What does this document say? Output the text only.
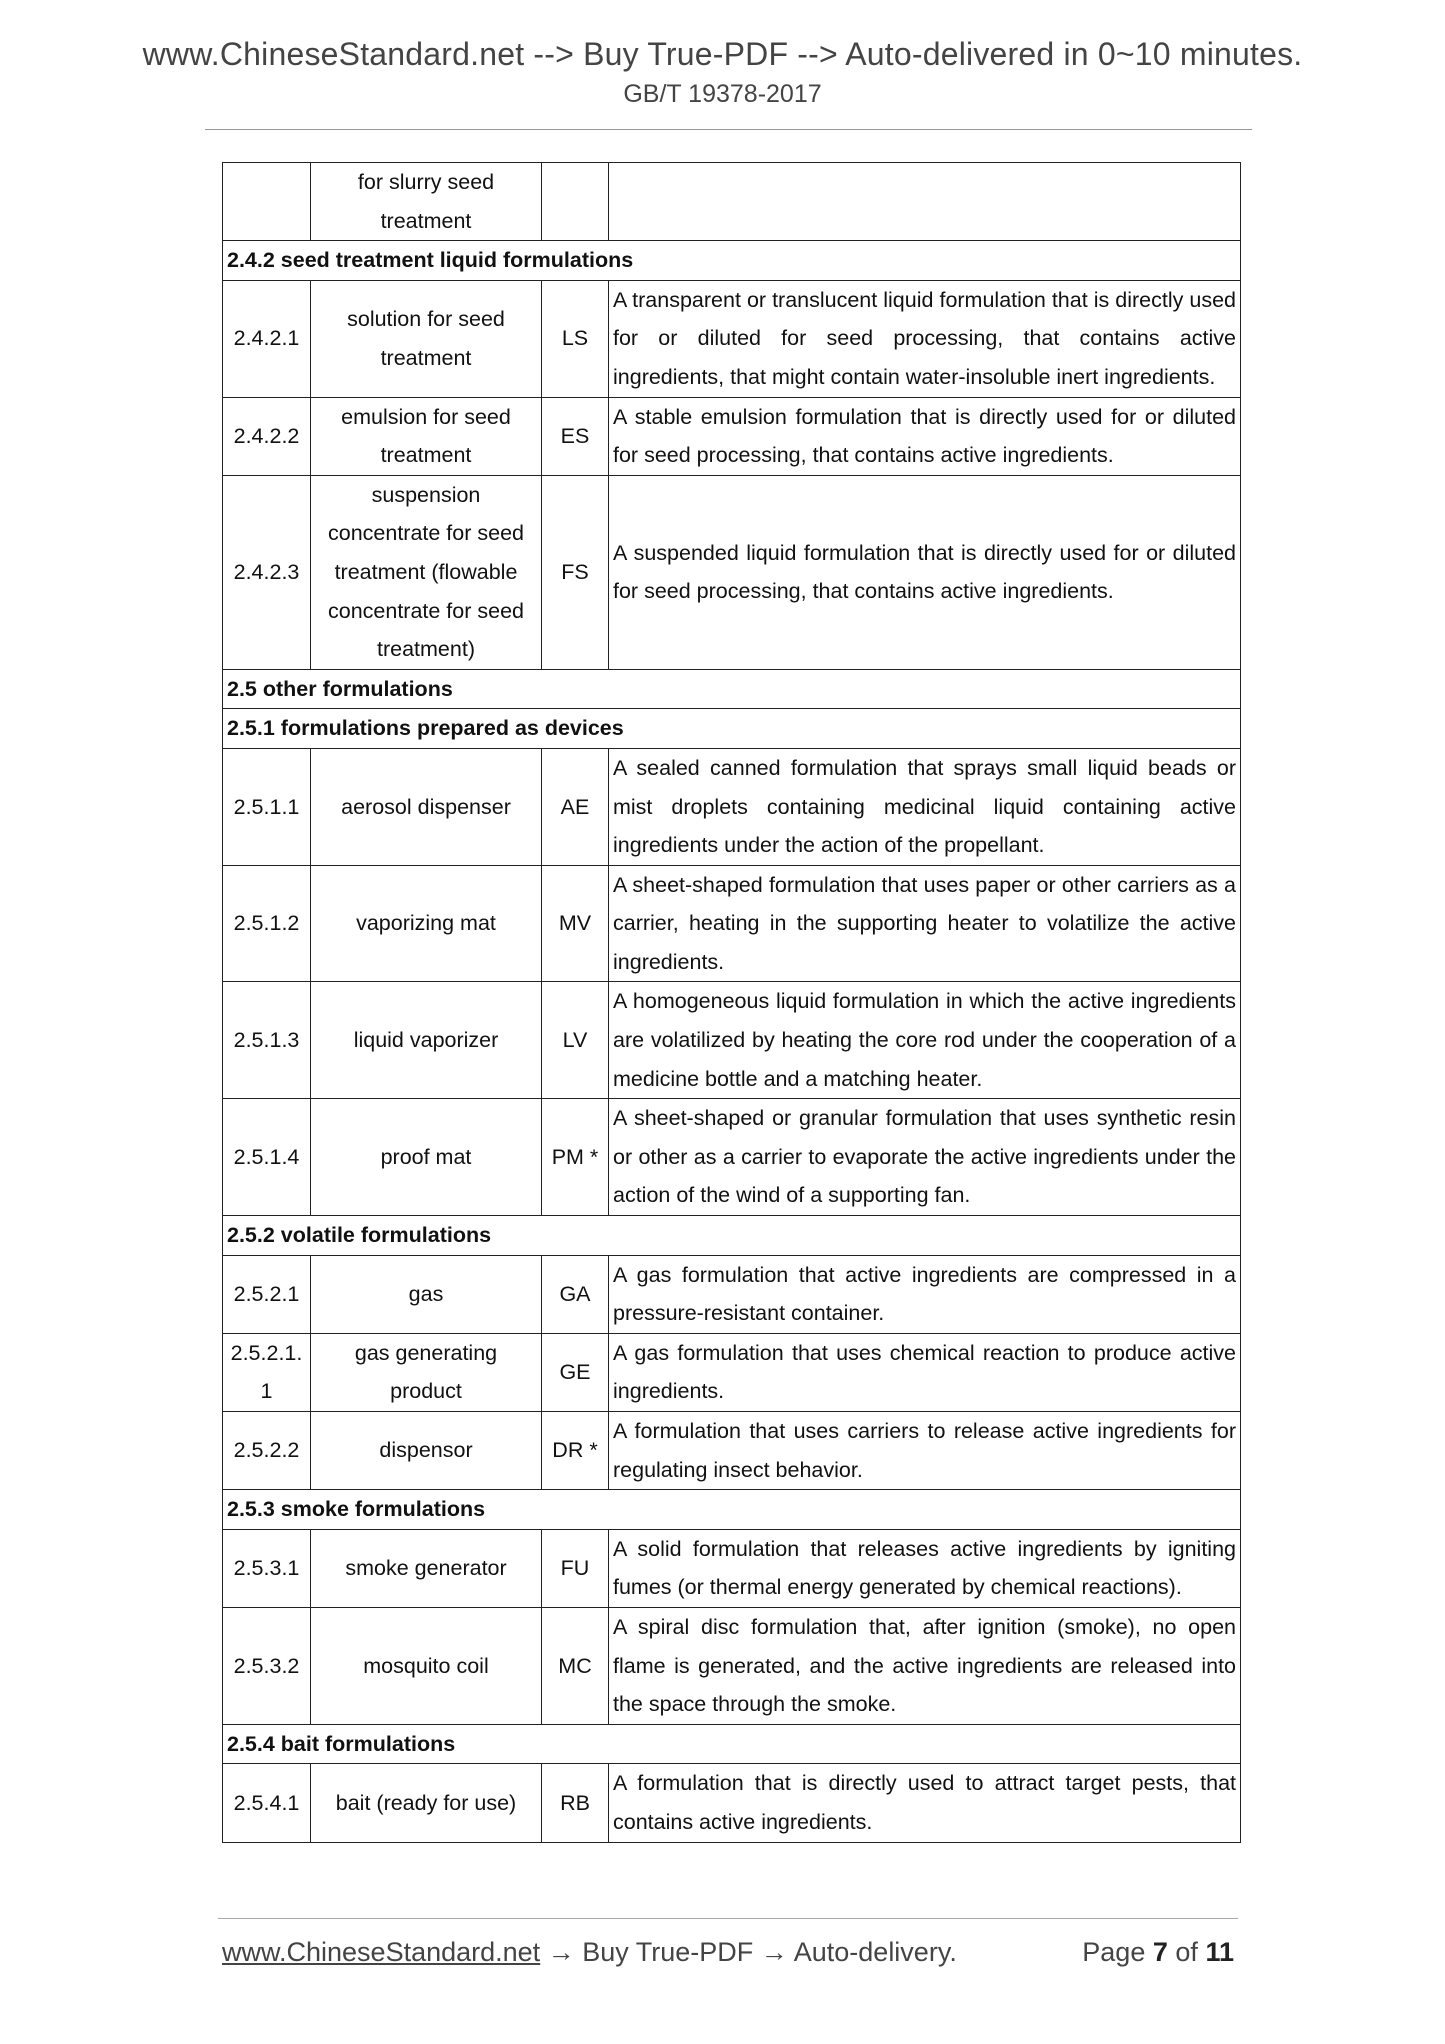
www.ChineseStandard.net --> Buy True-PDF --> Auto-delivered in 0~10 minutes.
GB/T 19378-2017
	for slurry seed treatment		
2.4.2 seed treatment liquid formulations			
2.4.2.1	solution for seed treatment	LS	A transparent or translucent liquid formulation that is directly used for or diluted for seed processing, that contains active ingredients, that might contain water-insoluble inert ingredients.
2.4.2.2	emulsion for seed treatment	ES	A stable emulsion formulation that is directly used for or diluted for seed processing, that contains active ingredients.
2.4.2.3	suspension concentrate for seed treatment (flowable concentrate for seed treatment)	FS	A suspended liquid formulation that is directly used for or diluted for seed processing, that contains active ingredients.
2.5 other formulations			
2.5.1 formulations prepared as devices			
2.5.1.1	aerosol dispenser	AE	A sealed canned formulation that sprays small liquid beads or mist droplets containing medicinal liquid containing active ingredients under the action of the propellant.
2.5.1.2	vaporizing mat	MV	A sheet-shaped formulation that uses paper or other carriers as a carrier, heating in the supporting heater to volatilize the active ingredients.
2.5.1.3	liquid vaporizer	LV	A homogeneous liquid formulation in which the active ingredients are volatilized by heating the core rod under the cooperation of a medicine bottle and a matching heater.
2.5.1.4	proof mat	PM *	A sheet-shaped or granular formulation that uses synthetic resin or other as a carrier to evaporate the active ingredients under the action of the wind of a supporting fan.
2.5.2 volatile formulations			
2.5.2.1	gas	GA	A gas formulation that active ingredients are compressed in a pressure-resistant container.
2.5.2.1.1	gas generating product	GE	A gas formulation that uses chemical reaction to produce active ingredients.
2.5.2.2	dispensor	DR *	A formulation that uses carriers to release active ingredients for regulating insect behavior.
2.5.3 smoke formulations			
2.5.3.1	smoke generator	FU	A solid formulation that releases active ingredients by igniting fumes (or thermal energy generated by chemical reactions).
2.5.3.2	mosquito coil	MC	A spiral disc formulation that, after ignition (smoke), no open flame is generated, and the active ingredients are released into the space through the smoke.
2.5.4 bait formulations			
2.5.4.1	bait (ready for use)	RB	A formulation that is directly used to attract target pests, that contains active ingredients.
www.ChineseStandard.net → Buy True-PDF → Auto-delivery.	Page 7 of 11
